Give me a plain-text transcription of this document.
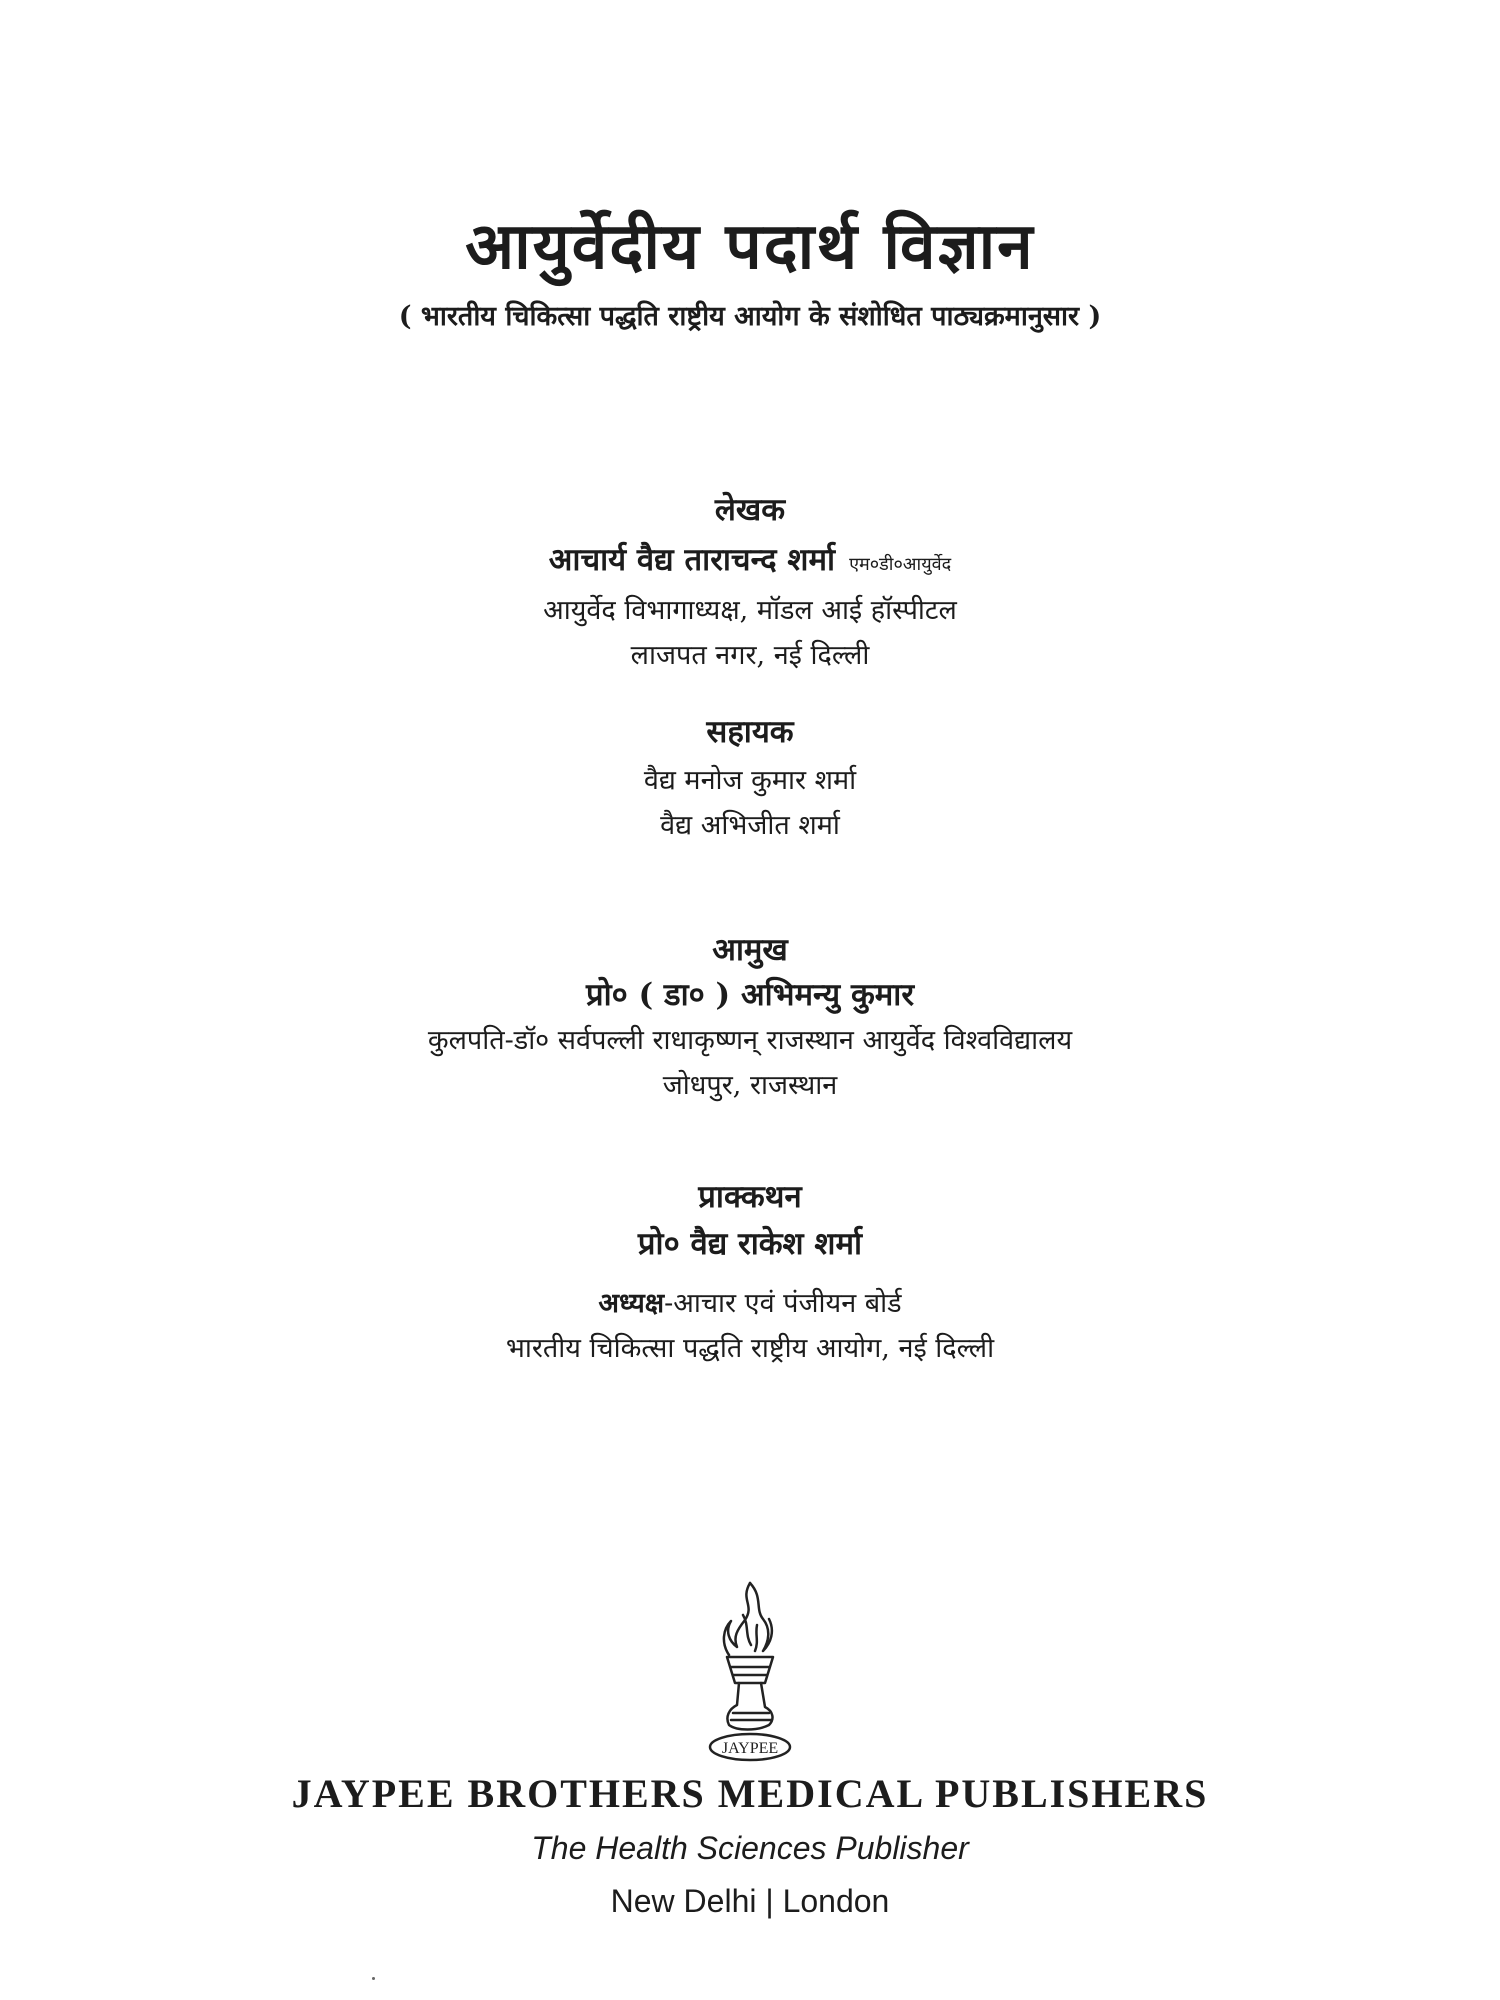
आयुर्वेदीय पदार्थ विज्ञान
( भारतीय चिकित्सा पद्धति राष्ट्रीय आयोग के संशोधित पाठ्यक्रमानुसार )
लेखक
आचार्य वैद्य ताराचन्द शर्मा एम०डी०आयुर्वेद
आयुर्वेद विभागाध्यक्ष, मॉडल आई हॉस्पीटल
लाजपत नगर, नई दिल्ली
सहायक
वैद्य मनोज कुमार शर्मा
वैद्य अभिजीत शर्मा
आमुख
प्रो० ( डा० ) अभिमन्यु कुमार
कुलपति-डॉ० सर्वपल्ली राधाकृष्णन् राजस्थान आयुर्वेद विश्वविद्यालय
जोधपुर, राजस्थान
प्राक्कथन
प्रो० वैद्य राकेश शर्मा
अध्यक्ष-आचार एवं पंजीयन बोर्ड
भारतीय चिकित्सा पद्धति राष्ट्रीय आयोग, नई दिल्ली
JAYPEE
JAYPEE BROTHERS MEDICAL PUBLISHERS
The Health Sciences Publisher
New Delhi | London
